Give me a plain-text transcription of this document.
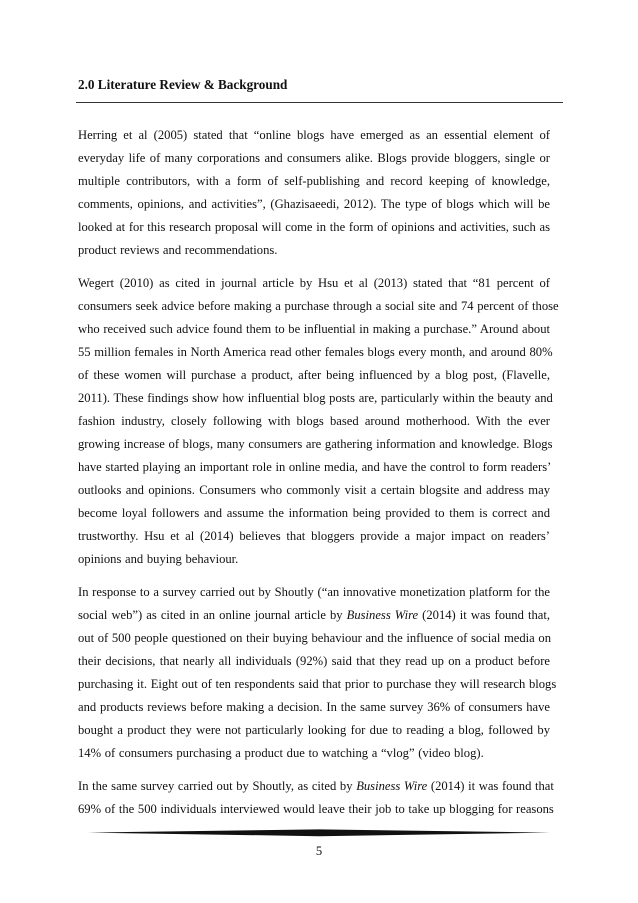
2.0 Literature Review & Background
Herring et al (2005) stated that “online blogs have emerged as an essential element of
everyday life of many corporations and consumers alike. Blogs provide bloggers, single or
multiple contributors, with a form of self-publishing and record keeping of knowledge,
comments, opinions, and activities”, (Ghazisaeedi, 2012). The type of blogs which will be
looked at for this research proposal will come in the form of opinions and activities, such as
product reviews and recommendations.
Wegert (2010) as cited in journal article by Hsu et al (2013) stated that “81 percent of
consumers seek advice before making a purchase through a social site and 74 percent of those
who received such advice found them to be influential in making a purchase.” Around about
55 million females in North America read other females blogs every month, and around 80%
of these women will purchase a product, after being influenced by a blog post, (Flavelle,
2011). These findings show how influential blog posts are, particularly within the beauty and
fashion industry, closely following with blogs based around motherhood. With the ever
growing increase of blogs, many consumers are gathering information and knowledge. Blogs
have started playing an important role in online media, and have the control to form readers’
outlooks and opinions. Consumers who commonly visit a certain blogsite and address may
become loyal followers and assume the information being provided to them is correct and
trustworthy. Hsu et al (2014) believes that bloggers provide a major impact on readers’
opinions and buying behaviour.
In response to a survey carried out by Shoutly (“an innovative monetization platform for the
social web”) as cited in an online journal article by Business Wire (2014) it was found that,
out of 500 people questioned on their buying behaviour and the influence of social media on
their decisions, that nearly all individuals (92%) said that they read up on a product before
purchasing it. Eight out of ten respondents said that prior to purchase they will research blogs
and products reviews before making a decision. In the same survey 36% of consumers have
bought a product they were not particularly looking for due to reading a blog, followed by
14% of consumers purchasing a product due to watching a “vlog” (video blog).
In the same survey carried out by Shoutly, as cited by Business Wire (2014) it was found that
69% of the 500 individuals interviewed would leave their job to take up blogging for reasons
5
